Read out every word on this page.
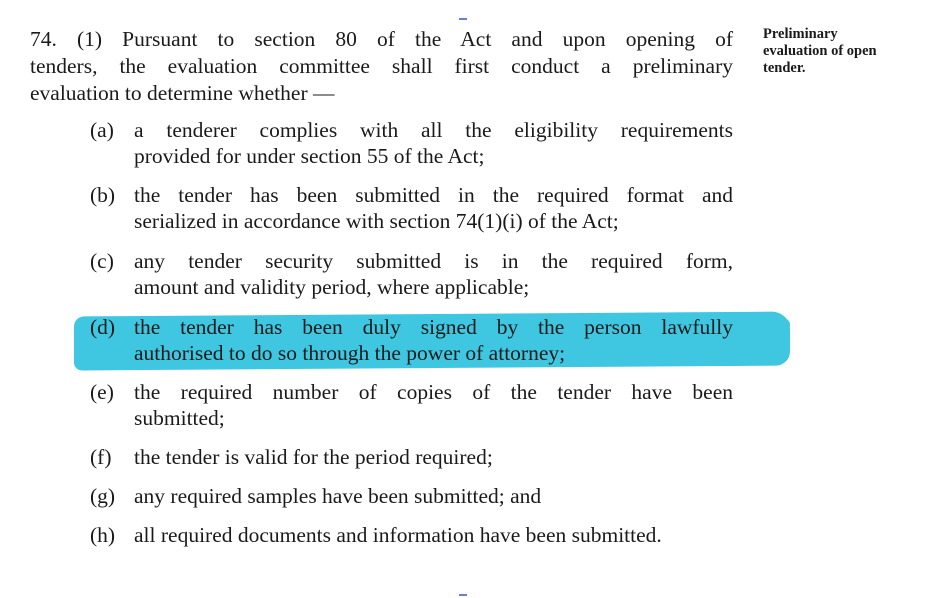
74. (1) Pursuant to section 80 of the Act and upon opening of
tenders, the evaluation committee shall first conduct a preliminary
evaluation to determine whether —
Preliminary
evaluation of open
tender.
(a) a tenderer complies with all the eligibility requirements
provided for under section 55 of the Act;
(b) the tender has been submitted in the required format and
serialized in accordance with section 74(1)(i) of the Act;
(c) any tender security submitted is in the required form,
amount and validity period, where applicable;
(d) the tender has been duly signed by the person lawfully
authorised to do so through the power of attorney;
(e) the required number of copies of the tender have been
submitted;
(f)	the tender is valid for the period required;
(g) any required samples have been submitted; and
(h) all required documents and information have been submitted.
